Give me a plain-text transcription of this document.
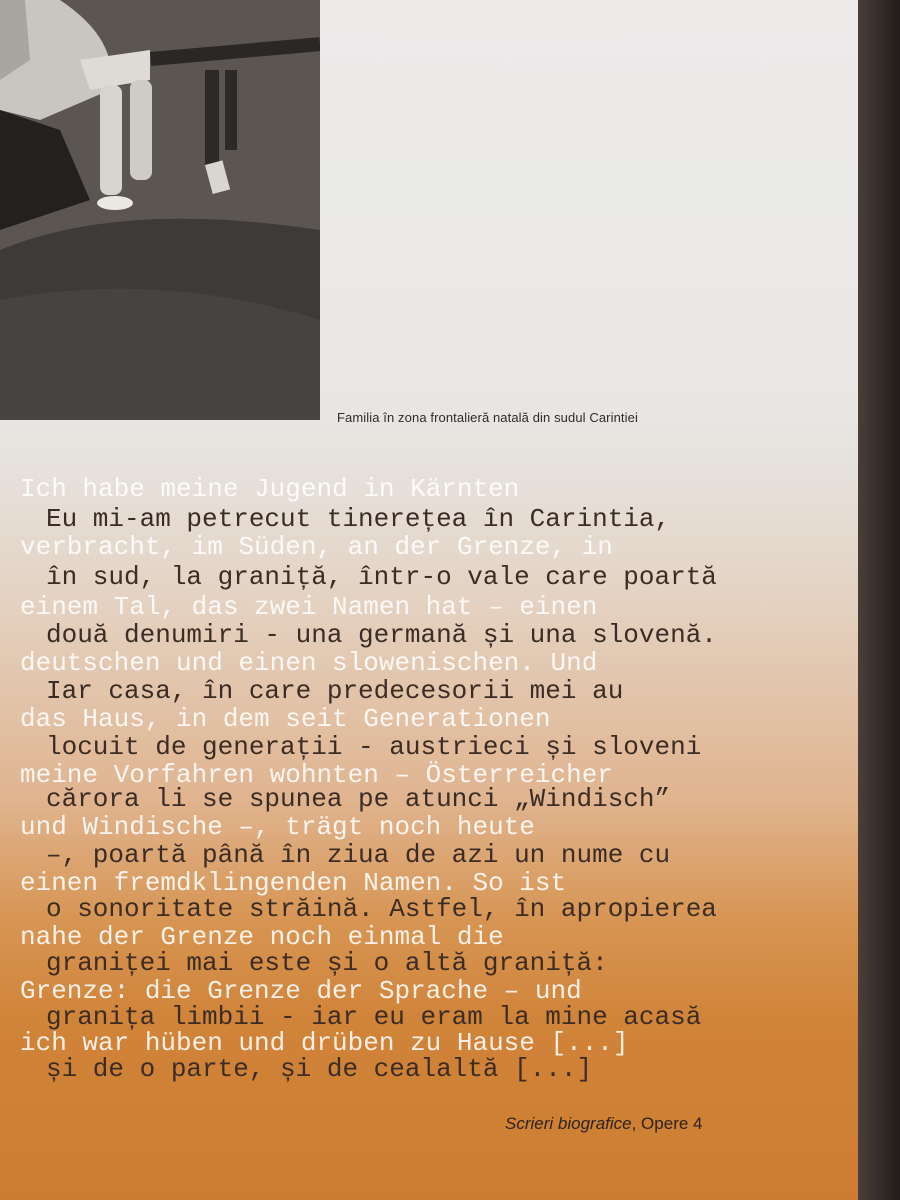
Familia în zona frontalieră natală din sudul Carintiei
Ich habe meine Jugend in Kärnten
Eu mi-am petrecut tinerețea în Carintia,
verbracht, im Süden, an der Grenze, in
în sud, la graniță, într-o vale care poartă
einem Tal, das zwei Namen hat – einen
două denumiri - una germană și una slovenă.
deutschen und einen slowenischen. Und
Iar casa, în care predecesorii mei au
das Haus, in dem seit Generationen
locuit de generații - austrieci și sloveni
meine Vorfahren wohnten – Österreicher
cărora li se spunea pe atunci „Windisch”
und Windische –, trägt noch heute
–, poartă până în ziua de azi un nume cu
einen fremdklingenden Namen. So ist
o sonoritate străină. Astfel, în apropierea
nahe der Grenze noch einmal die
graniței mai este și o altă graniță:
Grenze: die Grenze der Sprache – und
granița limbii - iar eu eram la mine acasă
ich war hüben und drüben zu Hause [...]
și de o parte, și de cealaltă [...]
Scrieri biografice, Opere 4
